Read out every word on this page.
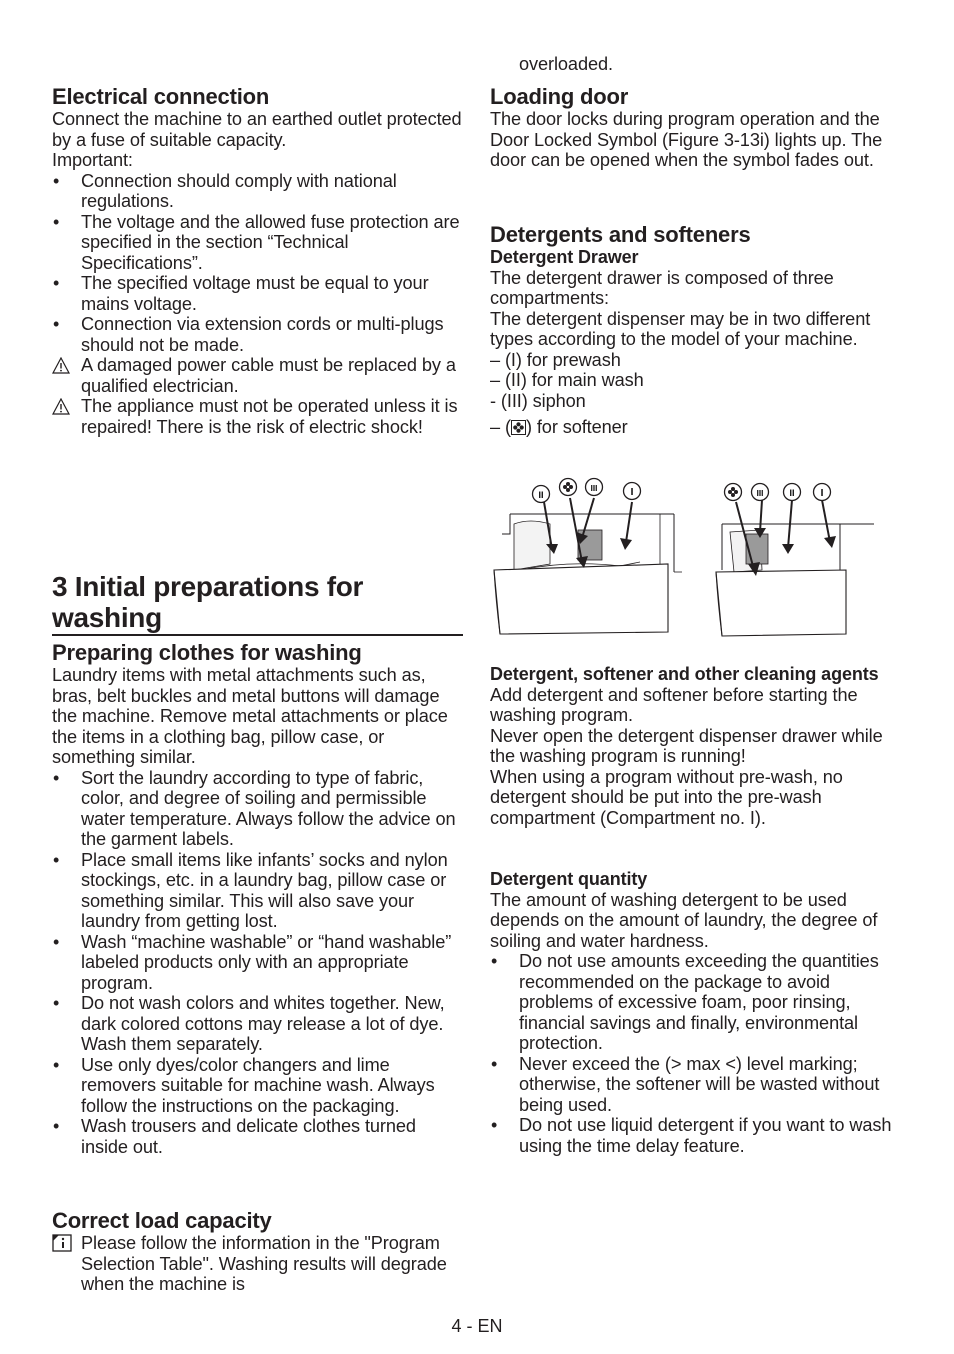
Electrical connection

Connect the machine to an earthed outlet protected by a fuse of suitable capacity.

Important:

•	Connection should comply with national regulations.
•	The voltage and the allowed fuse protection are specified in the section “Technical Specifications”.
•	The specified voltage must be equal to your mains voltage.
•	Connection via extension cords or multi-plugs should not be made.

A damaged power cable must be replaced by a qualified electrician.

The appliance must not be operated unless it is repaired! There is the risk of electric shock!

3 Initial preparations for
washing
Preparing clothes for washing

Laundry items with metal attachments such as, bras, belt buckles and metal buttons will damage the machine. Remove metal attachments or place the items in a clothing bag, pillow case, or something similar.

•	Sort the laundry according to type of fabric, color, and degree of soiling and permissible water temperature. Always follow the advice on the garment labels.
•	Place small items like infants’ socks and nylon stockings, etc. in a laundry bag, pillow case or something similar. This will also save your laundry from getting lost.
•	Wash “machine washable” or “hand washable” labeled products only with an appropriate program.
•	Do not wash colors and whites together. New, dark colored cottons may release a lot of dye. Wash them separately.
•	Use only dyes/color changers and lime removers suitable for machine wash. Always follow the instructions on the packaging.
•	Wash trousers and delicate clothes turned inside out.
Correct load capacity

Please follow the information in the "Program Selection Table". Washing results will degrade when the machine is

overloaded.

Loading door

The door locks during program operation and the Door Locked Symbol (Figure 3-13i) lights up. The door can be opened when the symbol fades out.

Detergents and softeners
Detergent Drawer

The detergent drawer is composed of three compartments:

The detergent dispenser may be in two different types according to the model of your machine.

– (I) for prewash

– (II) for main wash

- (III) siphon

– ( ) for softener

II
III	I	III	II	I
Detergent, softener and other cleaning agents

Add detergent and softener before starting the washing program.

Never open the detergent dispenser drawer while the washing program is running!

When using a program without pre-wash, no detergent should be put into the pre-wash compartment (Compartment no. I).

Detergent quantity

The amount of washing detergent to be used depends on the amount of laundry, the degree of soiling and water hardness.

•	Do not use amounts exceeding the quantities recommended on the package to avoid problems of excessive foam, poor rinsing, financial savings and finally, environmental protection.
•	Never exceed the (> max <) level marking; otherwise, the softener will be wasted without being used.
•	Do not use liquid detergent if you want to wash using the time delay feature.
4 - EN
